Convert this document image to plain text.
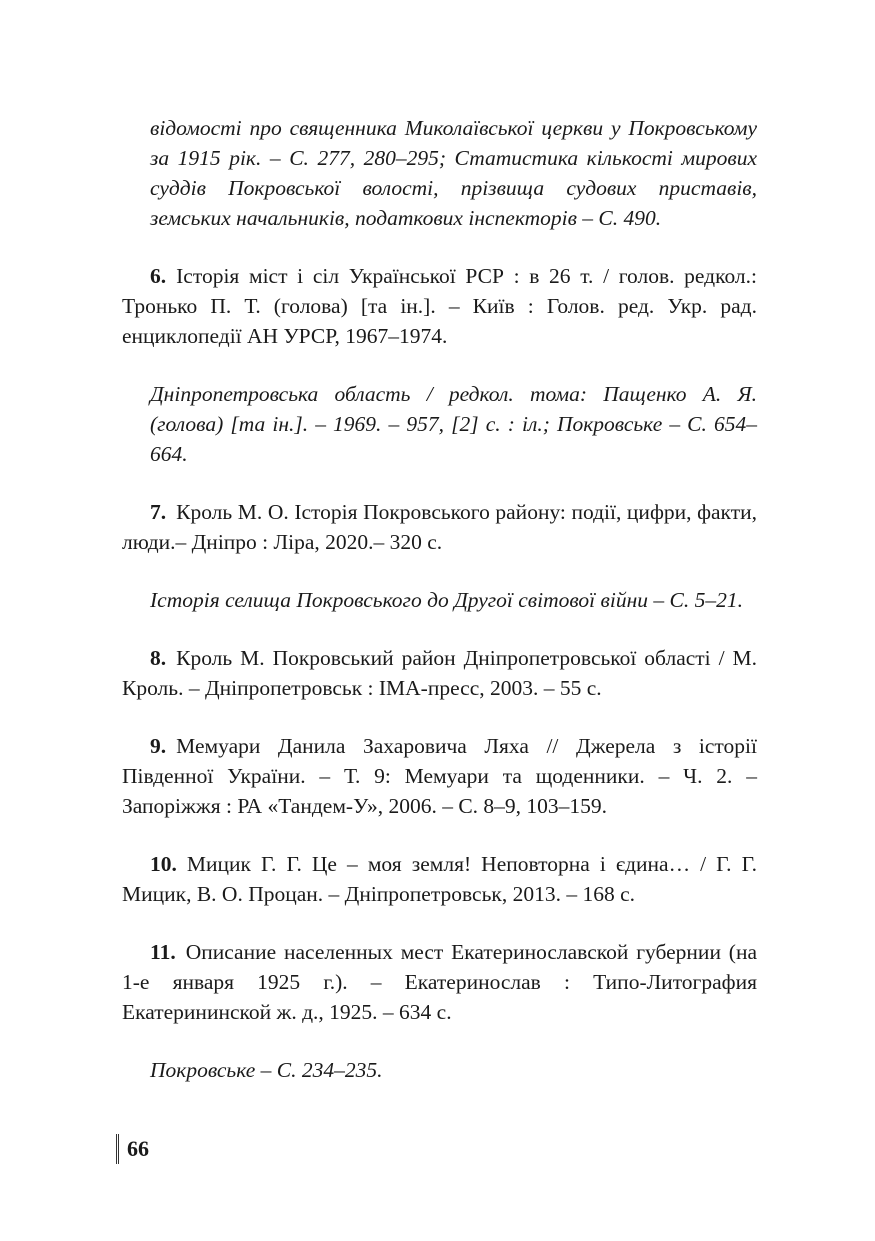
відомості про священника Миколаївської церкви у Покровському за 1915 рік. – С. 277, 280–295; Статистика кількості мирових суддів Покровської волості, прізвища судових приставів, земських начальників, податкових інспекторів – С. 490.

6. Історія міст і сіл Української РСР : в 26 т. / голов. редкол.: Тронько П. Т. (голова) [та ін.]. – Київ : Голов. ред. Укр. рад. енциклопедії АН УРСР, 1967–1974.

Дніпропетровська область / редкол. тома: Пащенко А. Я. (голова) [та ін.]. – 1969. – 957, [2] с. : іл.; Покровське – С. 654–664.

7. Кроль М. О. Історія Покровського району: події, цифри, факти, люди.– Дніпро : Ліра, 2020.– 320 с.

Історія селища Покровського до Другої світової війни – С. 5–21.

8. Кроль М. Покровський район Дніпропетровської області / М. Кроль. – Дніпропетровськ : ІМА-пресс, 2003. – 55 с.

9. Мемуари Данила Захаровича Ляха // Джерела з історії Південної України. – Т. 9: Мемуари та щоденники. – Ч. 2. – Запоріжжя : РА «Тандем-У», 2006. – С. 8–9, 103–159.

10. Мицик Г. Г. Це – моя земля! Неповторна і єдина… / Г. Г. Мицик, В. О. Процан. – Дніпропетровськ, 2013. – 168 с.

11. Описание населенных мест Екатеринославской губернии (на 1-е января 1925 г.). – Екатеринослав : Типо-Литография Екатерининской ж. д., 1925. – 634 с.

Покровське – С. 234–235.

66
